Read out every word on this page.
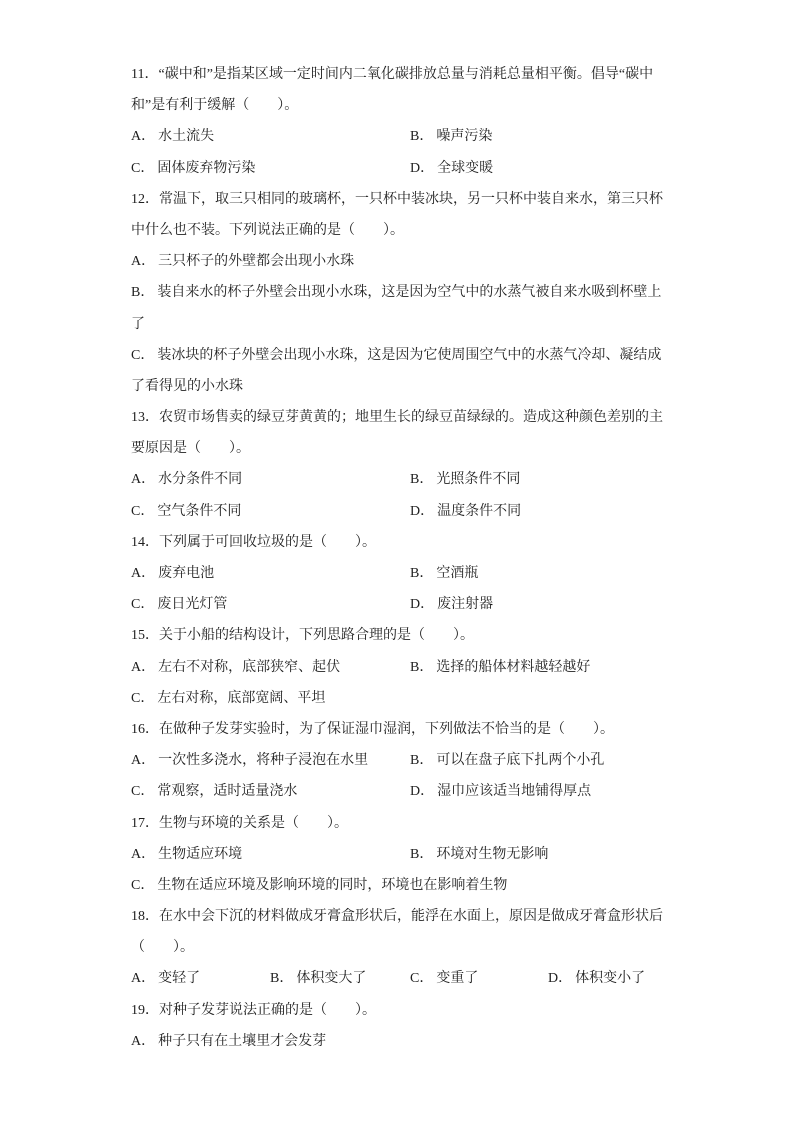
11．“碳中和”是指某区域一定时间内二氧化碳排放总量与消耗总量相平衡。倡导“碳中
和”是有利于缓解（　　）。
A． 水土流失	B． 噪声污染
C． 固体废弃物污染	D． 全球变暖
12．常温下，取三只相同的玻璃杯，一只杯中装冰块，另一只杯中装自来水，第三只杯
中什么也不装。下列说法正确的是（　　）。
A． 三只杯子的外壁都会出现小水珠
B． 装自来水的杯子外壁会出现小水珠，这是因为空气中的水蒸气被自来水吸到杯壁上
了
C． 装冰块的杯子外壁会出现小水珠，这是因为它使周围空气中的水蒸气冷却、凝结成
了看得见的小水珠
13．农贸市场售卖的绿豆芽黄黄的；地里生长的绿豆苗绿绿的。造成这种颜色差别的主
要原因是（　　）。
A． 水分条件不同	B． 光照条件不同
C． 空气条件不同	D． 温度条件不同
14．下列属于可回收垃圾的是（　　）。
A． 废弃电池	B． 空酒瓶
C． 废日光灯管	D． 废注射器
15．关于小船的结构设计，下列思路合理的是（　　）。
A． 左右不对称，底部狭窄、起伏	B． 选择的船体材料越轻越好
C． 左右对称，底部宽阔、平坦
16．在做种子发芽实验时，为了保证湿巾湿润，下列做法不恰当的是（　　）。
A． 一次性多浇水，将种子浸泡在水里	B． 可以在盘子底下扎两个小孔
C． 常观察，适时适量浇水	D． 湿巾应该适当地铺得厚点
17．生物与环境的关系是（　　）。
A． 生物适应环境	B． 环境对生物无影响
C． 生物在适应环境及影响环境的同时，环境也在影响着生物
18．在水中会下沉的材料做成牙膏盒形状后，能浮在水面上，原因是做成牙膏盒形状后
（　　）。
A． 变轻了	B． 体积变大了	C． 变重了	D． 体积变小了
19．对种子发芽说法正确的是（　　）。
A． 种子只有在土壤里才会发芽
